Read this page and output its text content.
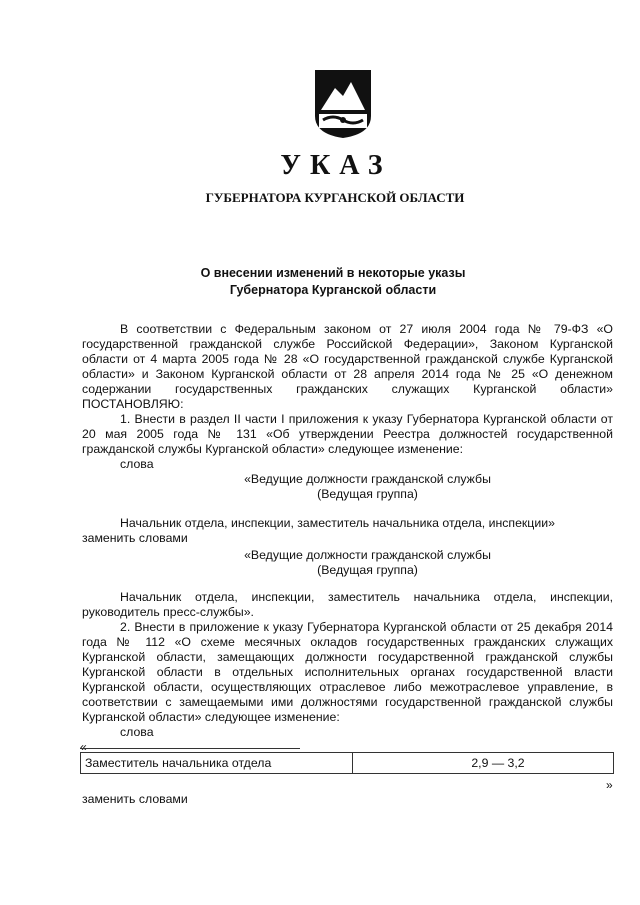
УКАЗ
ГУБЕРНАТОРА КУРГАНСКОЙ ОБЛАСТИ
О внесении изменений в некоторые указы
Губернатора Курганской области

В соответствии с Федеральным законом от 27 июля 2004 года № 79-ФЗ «О государственной гражданской службе Российской Федерации», Законом Курганской области от 4 марта 2005 года № 28 «О государственной гражданской службе Курганской области» и Законом Курганской области от 28 апреля 2014 года № 25 «О денежном содержании государственных гражданских служащих Курганской области» ПОСТАНОВЛЯЮ:

1. Внести в раздел II части I приложения к указу Губернатора Курганской области от 20 мая 2005 года № 131 «Об утверждении Реестра должностей государственной гражданской службы Курганской области» следующее изменение:

слова

«Ведущие должности гражданской службы

(Ведущая группа)

Начальник отдела, инспекции, заместитель начальника отдела, инспекции»

заменить словами

«Ведущие должности гражданской службы

(Ведущая группа)

Начальник отдела, инспекции, заместитель начальника отдела, инспекции, руководитель пресс-службы».

2. Внести в приложение к указу Губернатора Курганской области от 25 декабря 2014 года № 112 «О схеме месячных окладов государственных гражданских служащих Курганской области, замещающих должности государственной гражданской службы Курганской области в отдельных исполнительных органах государственной власти Курганской области, осуществляющих отраслевое либо межотраслевое управление, в соответствии с замещаемыми ими должностями государственной гражданской службы Курганской области» следующее изменение:

слова

«
Заместитель начальника отдела	2,9 — 3,2
»
заменить словами
